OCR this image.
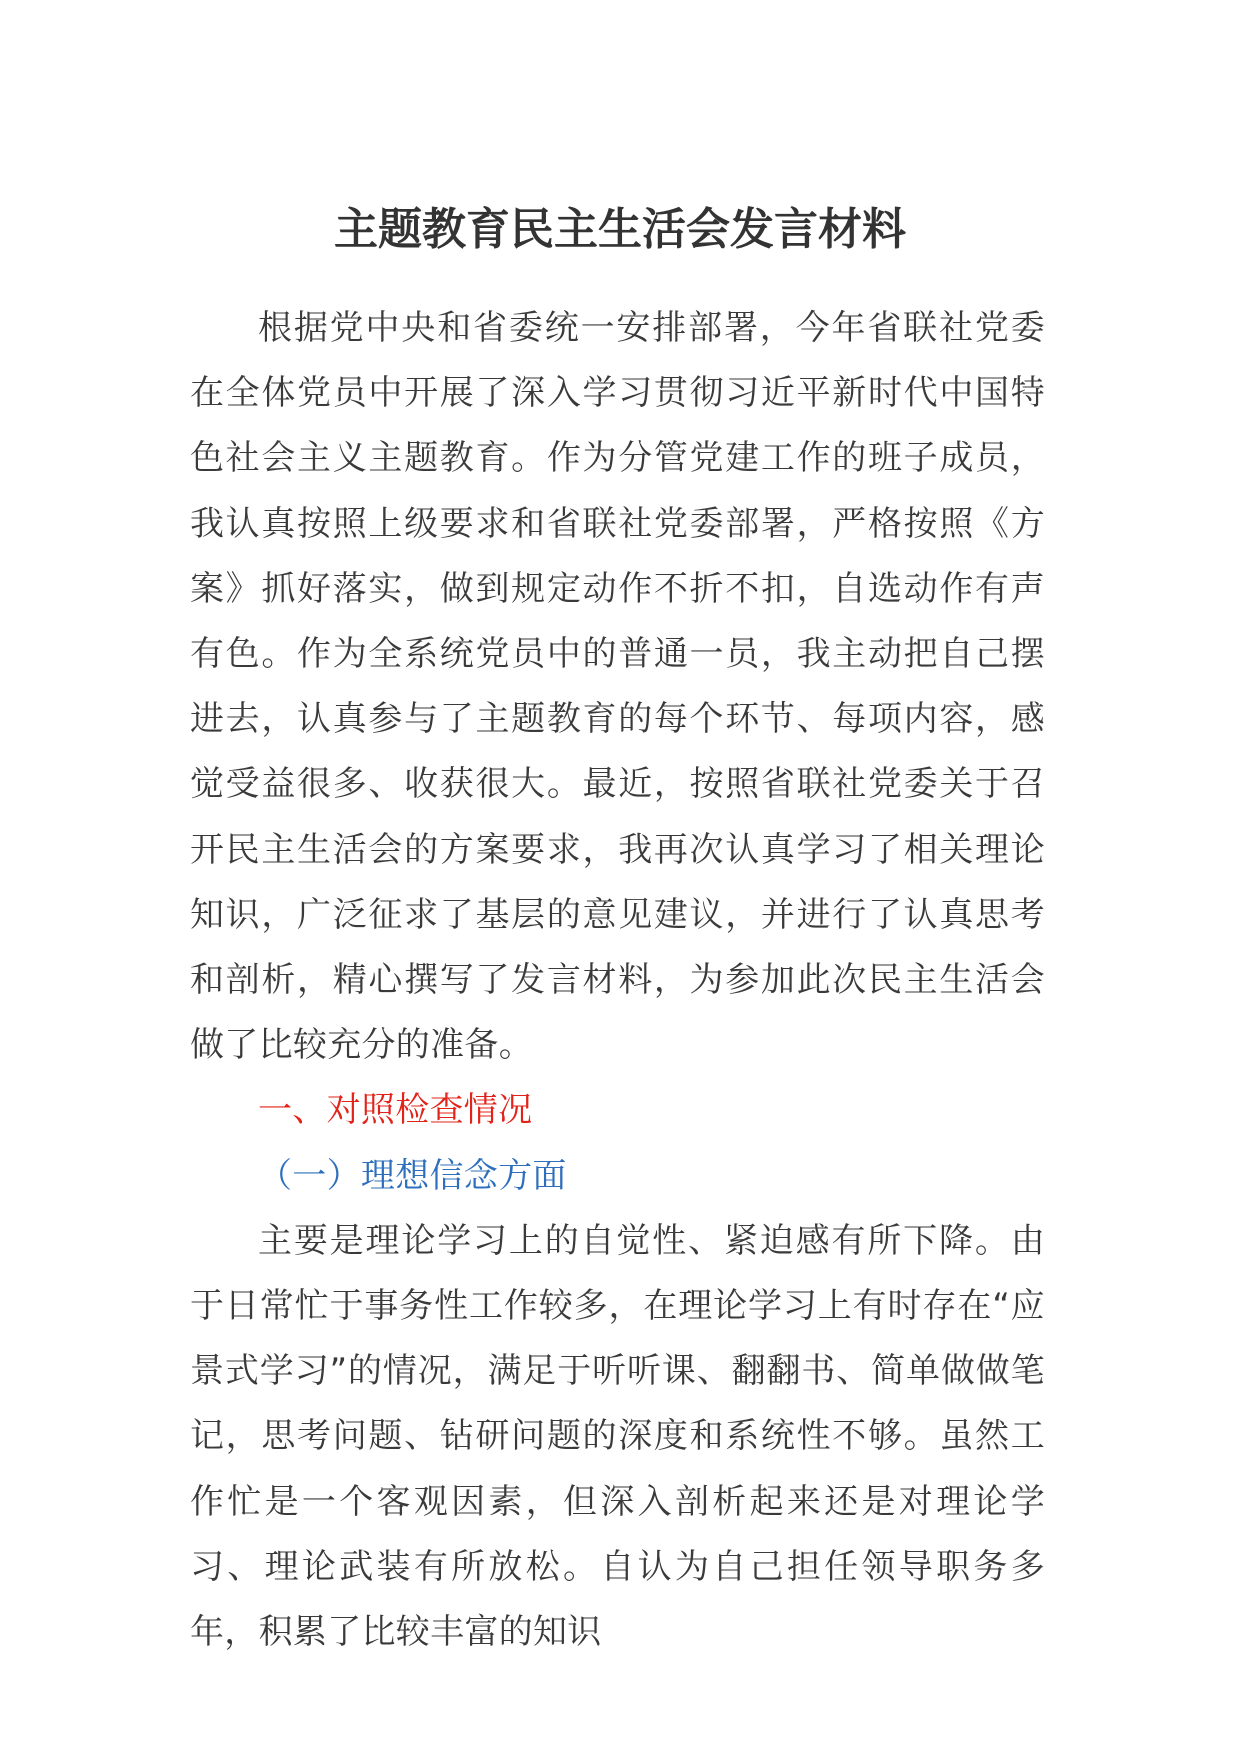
主题教育民主生活会发言材料

根据党中央和省委统一安排部署，今年省联社党委在全体党员中开展了深入学习贯彻习近平新时代中国特色社会主义主题教育。作为分管党建工作的班子成员，我认真按照上级要求和省联社党委部署，严格按照《方案》抓好落实，做到规定动作不折不扣，自选动作有声有色。作为全系统党员中的普通一员，我主动把自己摆进去，认真参与了主题教育的每个环节、每项内容，感觉受益很多、收获很大。最近，按照省联社党委关于召开民主生活会的方案要求，我再次认真学习了相关理论知识，广泛征求了基层的意见建议，并进行了认真思考和剖析，精心撰写了发言材料，为参加此次民主生活会做了比较充分的准备。

一、对照检查情况

（一）理想信念方面

主要是理论学习上的自觉性、紧迫感有所下降。由于日常忙于事务性工作较多，在理论学习上有时存在“应景式学习”的情况，满足于听听课、翻翻书、简单做做笔记，思考问题、钻研问题的深度和系统性不够。虽然工作忙是一个客观因素，但深入剖析起来还是对理论学习、理论武装有所放松。自认为自己担任领导职务多年，积累了比较丰富的知识
